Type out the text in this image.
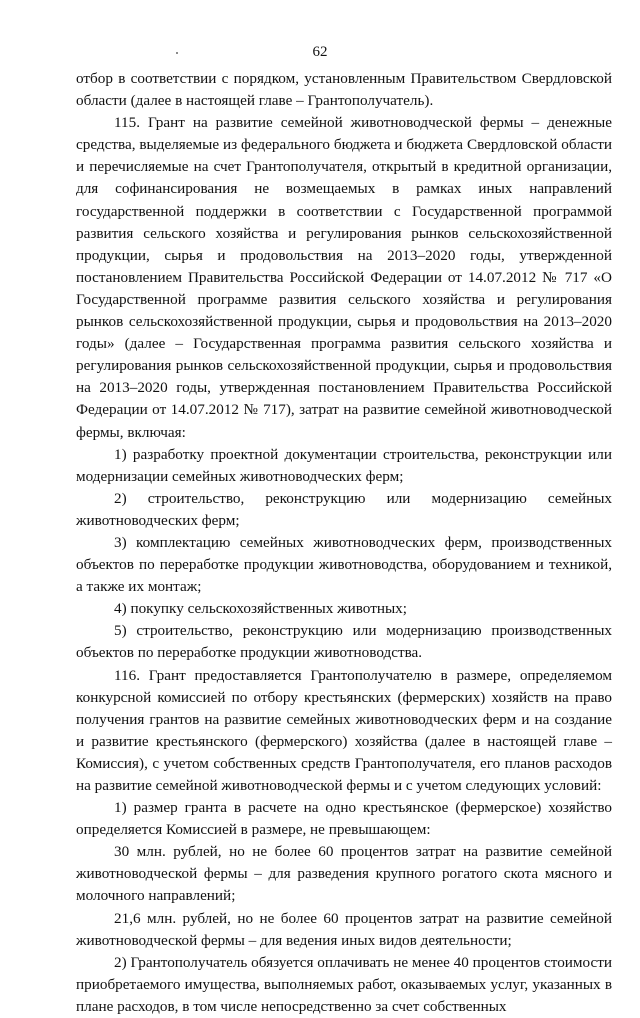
62

отбор в соответствии с порядком, установленным Правительством Свердловской области (далее в настоящей главе – Грантополучатель).

115. Грант на развитие семейной животноводческой фермы – денежные средства, выделяемые из федерального бюджета и бюджета Свердловской области и перечисляемые на счет Грантополучателя, открытый в кредитной организации, для софинансирования не возмещаемых в рамках иных направлений государственной поддержки в соответствии с Государственной программой развития сельского хозяйства и регулирования рынков сельскохозяйственной продукции, сырья и продовольствия на 2013–2020 годы, утвержденной постановлением Правительства Российской Федерации от 14.07.2012 № 717 «О Государственной программе развития сельского хозяйства и регулирования рынков сельскохозяйственной продукции, сырья и продовольствия на 2013–2020 годы» (далее – Государственная программа развития сельского хозяйства и регулирования рынков сельскохозяйственной продукции, сырья и продовольствия на 2013–2020 годы, утвержденная постановлением Правительства Российской Федерации от 14.07.2012 № 717), затрат на развитие семейной животноводческой фермы, включая:

1) разработку проектной документации строительства, реконструкции или модернизации семейных животноводческих ферм;

2) строительство, реконструкцию или модернизацию семейных животноводческих ферм;

3) комплектацию семейных животноводческих ферм, производственных объектов по переработке продукции животноводства, оборудованием и техникой, а также их монтаж;

4) покупку сельскохозяйственных животных;

5) строительство, реконструкцию или модернизацию производственных объектов по переработке продукции животноводства.

116. Грант предоставляется Грантополучателю в размере, определяемом конкурсной комиссией по отбору крестьянских (фермерских) хозяйств на право получения грантов на развитие семейных животноводческих ферм и на создание и развитие крестьянского (фермерского) хозяйства (далее в настоящей главе – Комиссия), с учетом собственных средств Грантополучателя, его планов расходов на развитие семейной животноводческой фермы и с учетом следующих условий:

1) размер гранта в расчете на одно крестьянское (фермерское) хозяйство определяется Комиссией в размере, не превышающем:

30 млн. рублей, но не более 60 процентов затрат на развитие семейной животноводческой фермы – для разведения крупного рогатого скота мясного и молочного направлений;

21,6 млн. рублей, но не более 60 процентов затрат на развитие семейной животноводческой фермы – для ведения иных видов деятельности;

2) Грантополучатель обязуется оплачивать не менее 40 процентов стоимости приобретаемого имущества, выполняемых работ, оказываемых услуг, указанных в плане расходов, в том числе непосредственно за счет собственных
